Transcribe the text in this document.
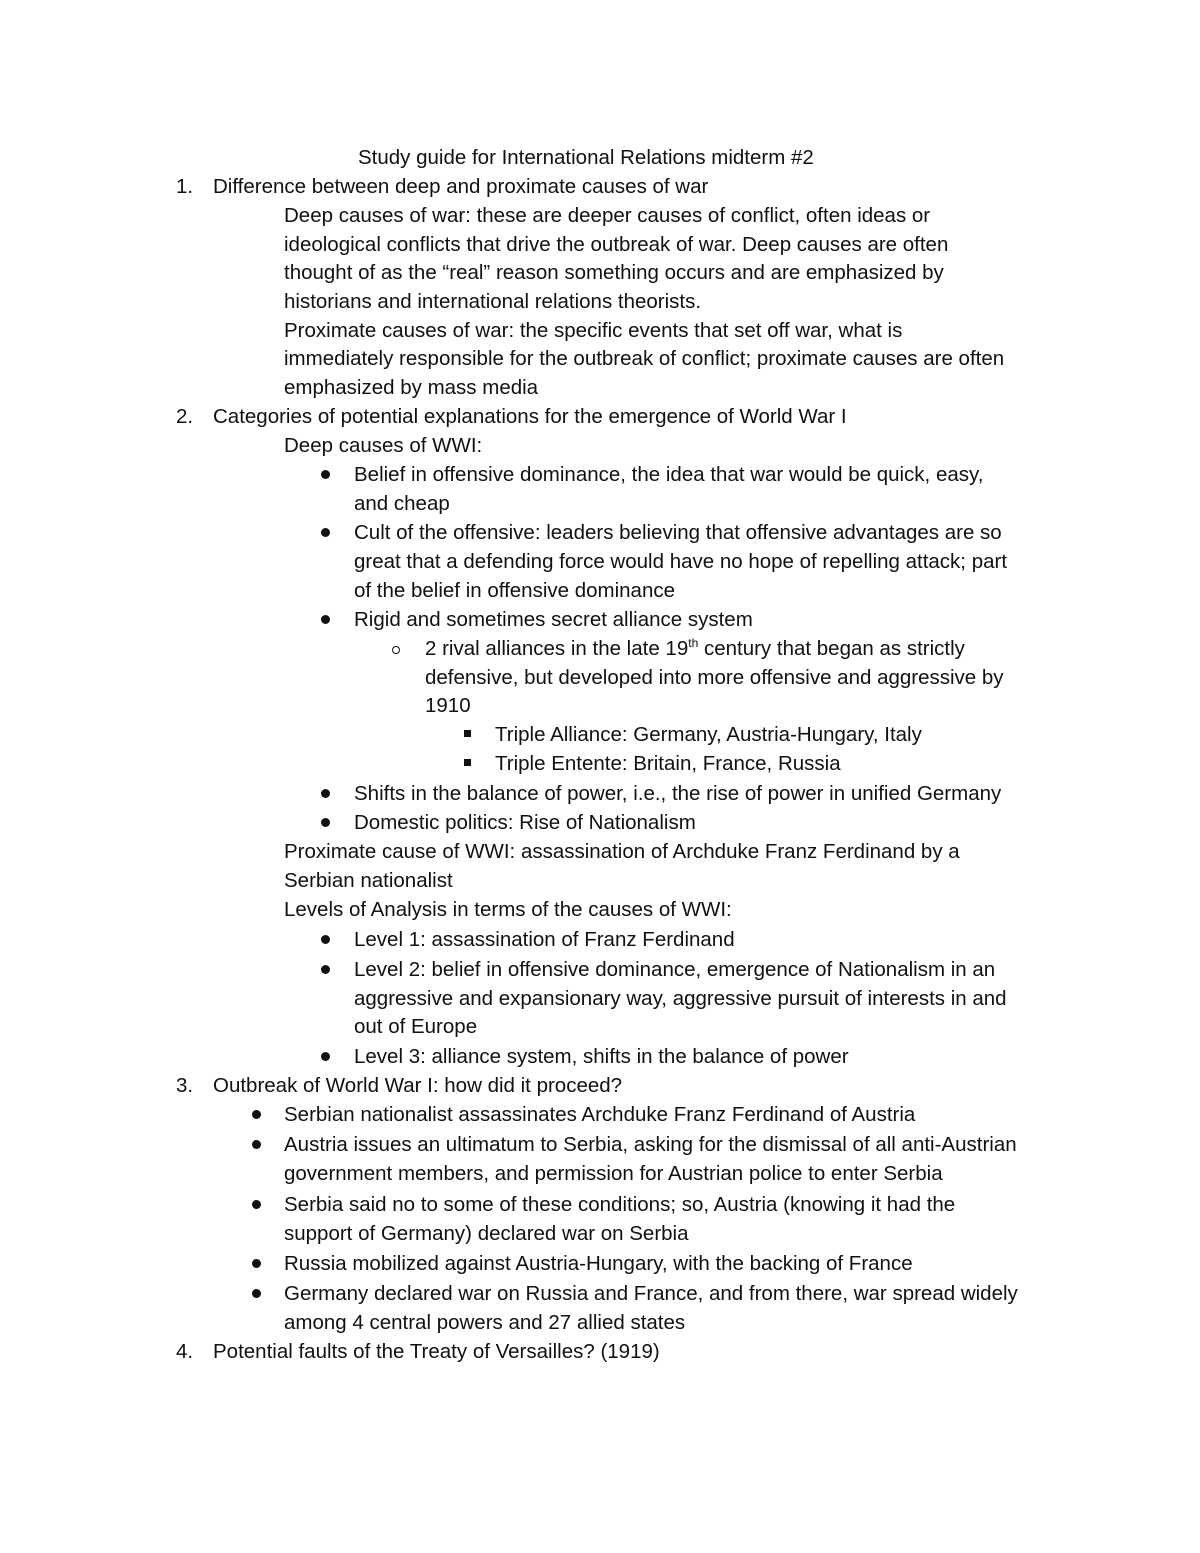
Study guide for International Relations midterm #2
1. Difference between deep and proximate causes of war
Deep causes of war: these are deeper causes of conflict, often ideas or
ideological conflicts that drive the outbreak of war. Deep causes are often
thought of as the “real” reason something occurs and are emphasized by
historians and international relations theorists.
Proximate causes of war: the specific events that set off war, what is
immediately responsible for the outbreak of conflict; proximate causes are often
emphasized by mass media
2. Categories of potential explanations for the emergence of World War I
Deep causes of WWI:
Belief in offensive dominance, the idea that war would be quick, easy,
and cheap
Cult of the offensive: leaders believing that offensive advantages are so
great that a defending force would have no hope of repelling attack; part
of the belief in offensive dominance
Rigid and sometimes secret alliance system
2 rival alliances in the late 19th century that began as strictly
defensive, but developed into more offensive and aggressive by
1910
Triple Alliance: Germany, Austria-Hungary, Italy
Triple Entente: Britain, France, Russia
Shifts in the balance of power, i.e., the rise of power in unified Germany
Domestic politics: Rise of Nationalism
Proximate cause of WWI: assassination of Archduke Franz Ferdinand by a
Serbian nationalist
Levels of Analysis in terms of the causes of WWI:
Level 1: assassination of Franz Ferdinand
Level 2: belief in offensive dominance, emergence of Nationalism in an
aggressive and expansionary way, aggressive pursuit of interests in and
out of Europe
Level 3: alliance system, shifts in the balance of power
3. Outbreak of World War I: how did it proceed?
Serbian nationalist assassinates Archduke Franz Ferdinand of Austria
Austria issues an ultimatum to Serbia, asking for the dismissal of all anti-Austrian
government members, and permission for Austrian police to enter Serbia
Serbia said no to some of these conditions; so, Austria (knowing it had the
support of Germany) declared war on Serbia
Russia mobilized against Austria-Hungary, with the backing of France
Germany declared war on Russia and France, and from there, war spread widely
among 4 central powers and 27 allied states
4. Potential faults of the Treaty of Versailles? (1919)
